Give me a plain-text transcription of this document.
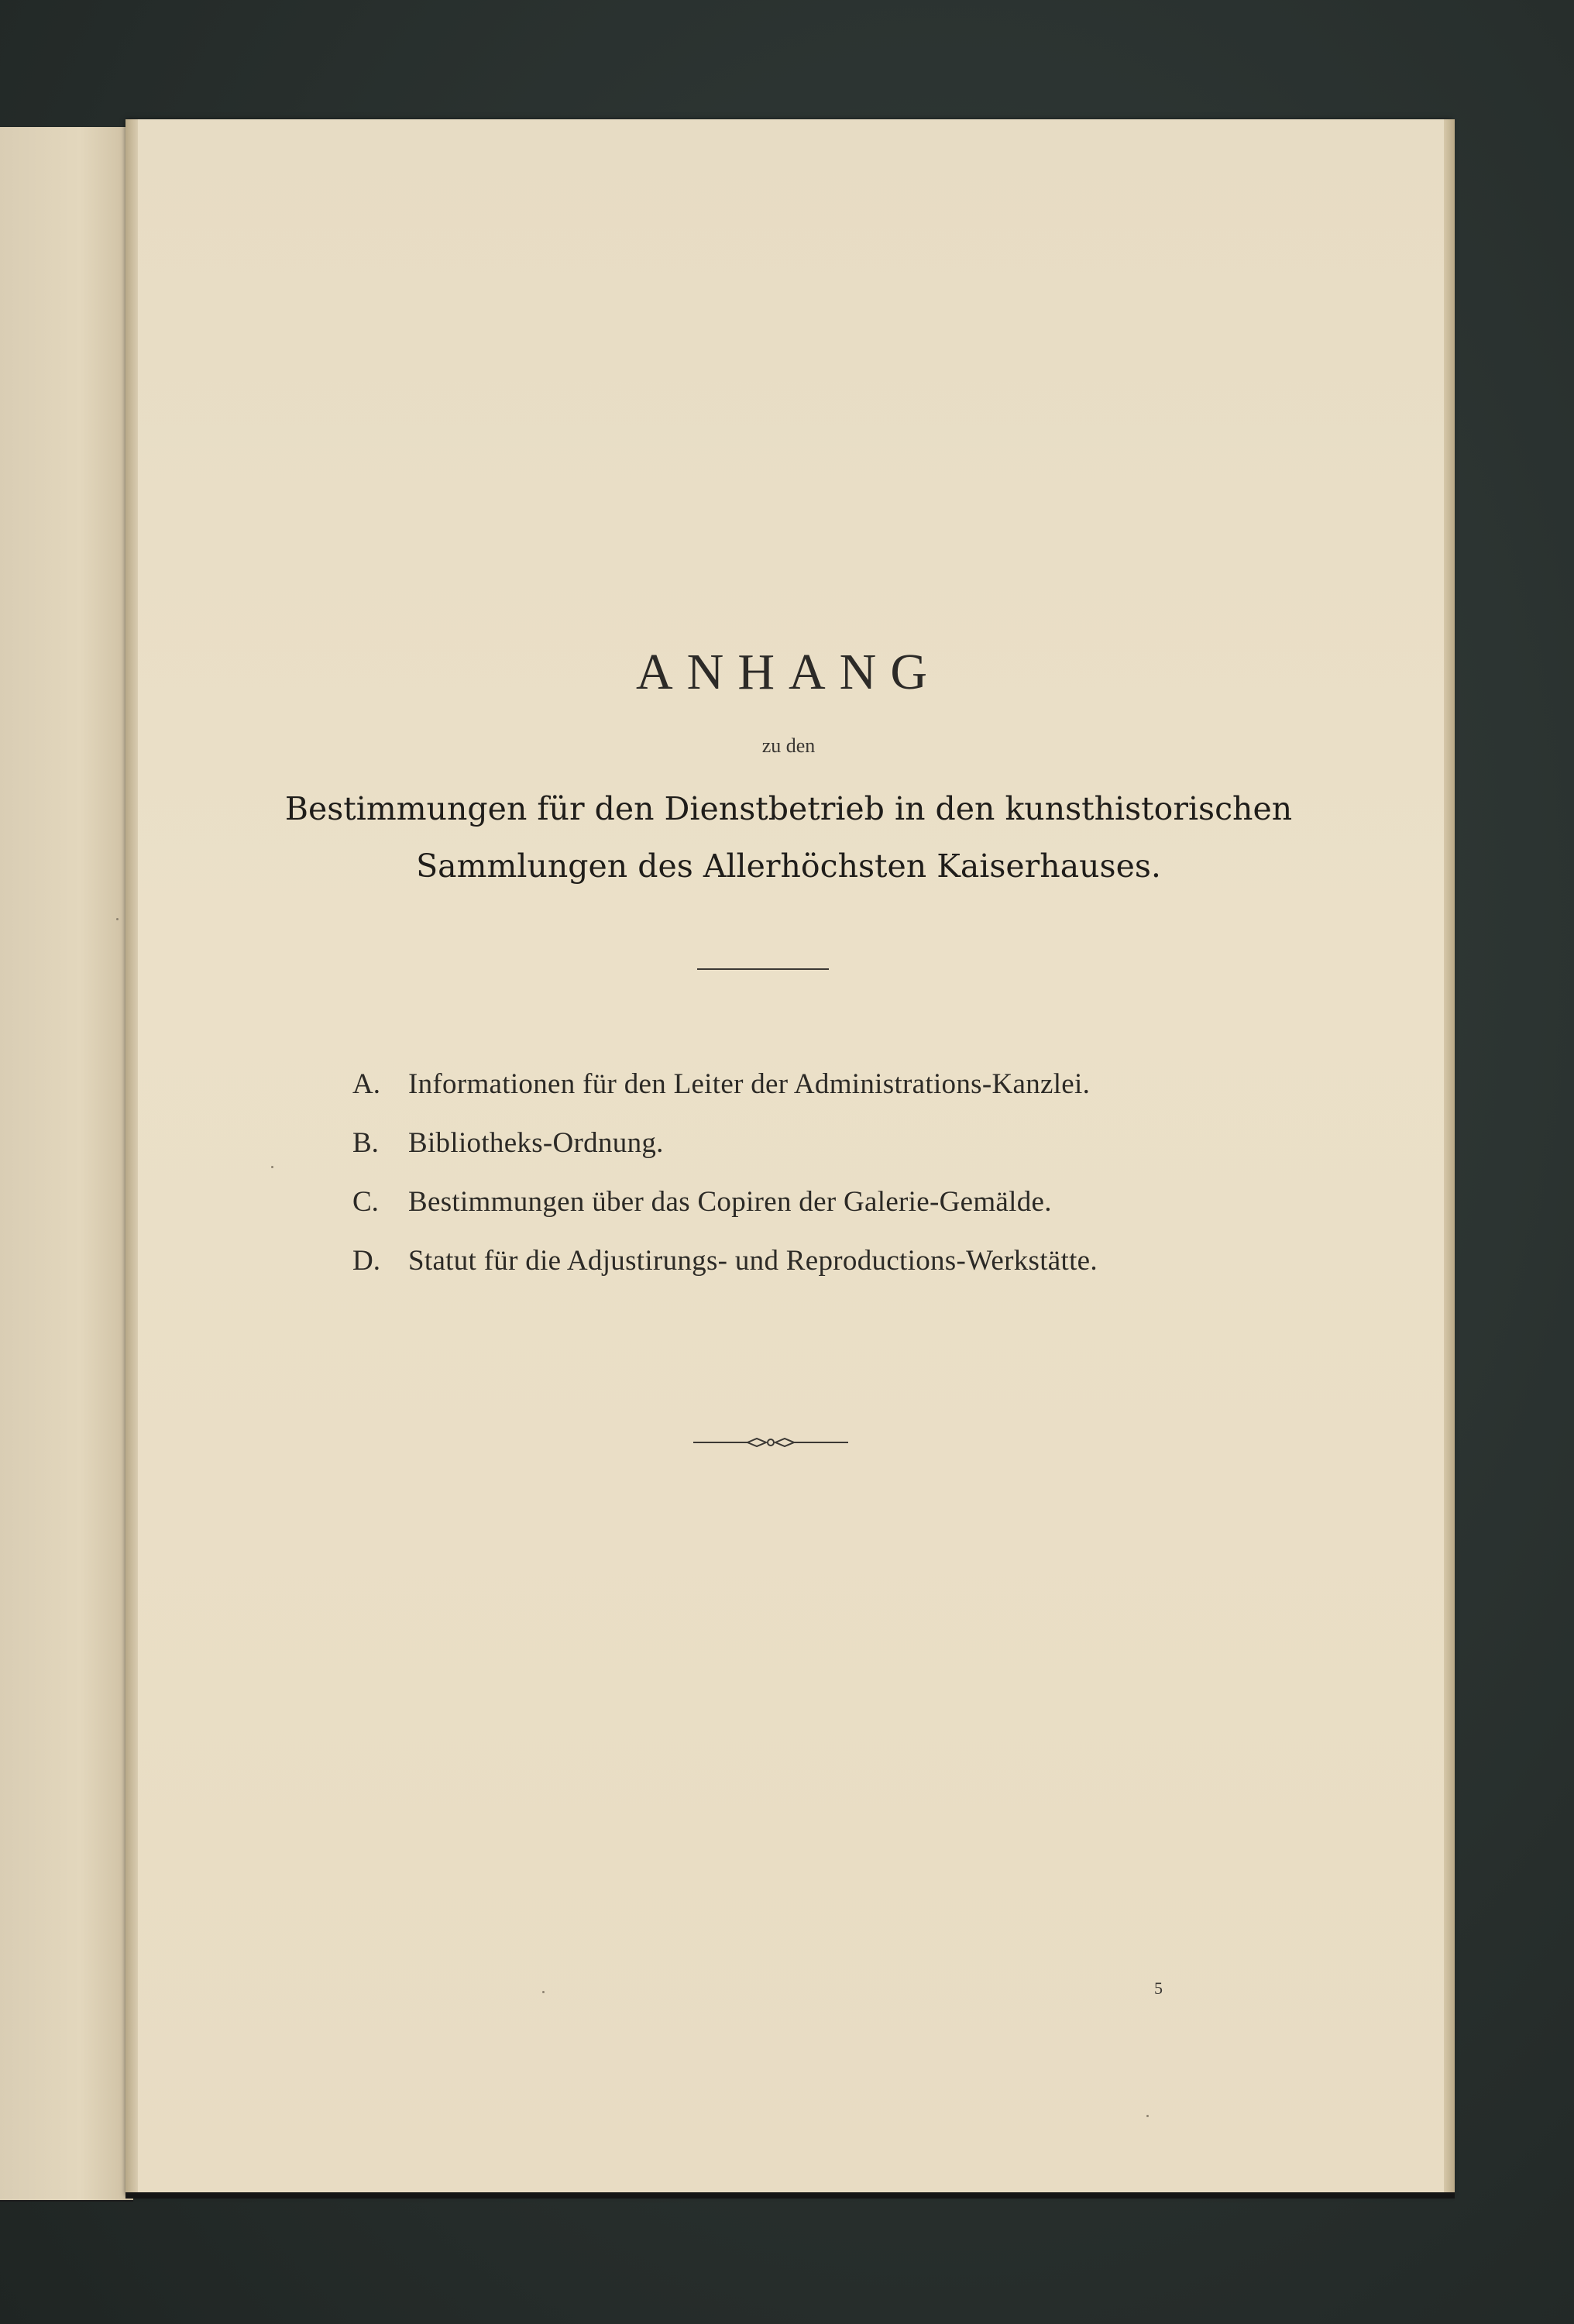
ANHANG
zu den
Bestimmungen für den Dienstbetrieb in den kunsthistorischen
Sammlungen des Allerhöchsten Kaiserhauses.
A. Informationen für den Leiter der Administrations-Kanzlei.
B.	Bibliotheks-Ordnung.
C.	Bestimmungen über das Copiren der Galerie-Gemälde.
D. Statut für die Adjustirungs- und Reproductions-Werkstätte.
5
